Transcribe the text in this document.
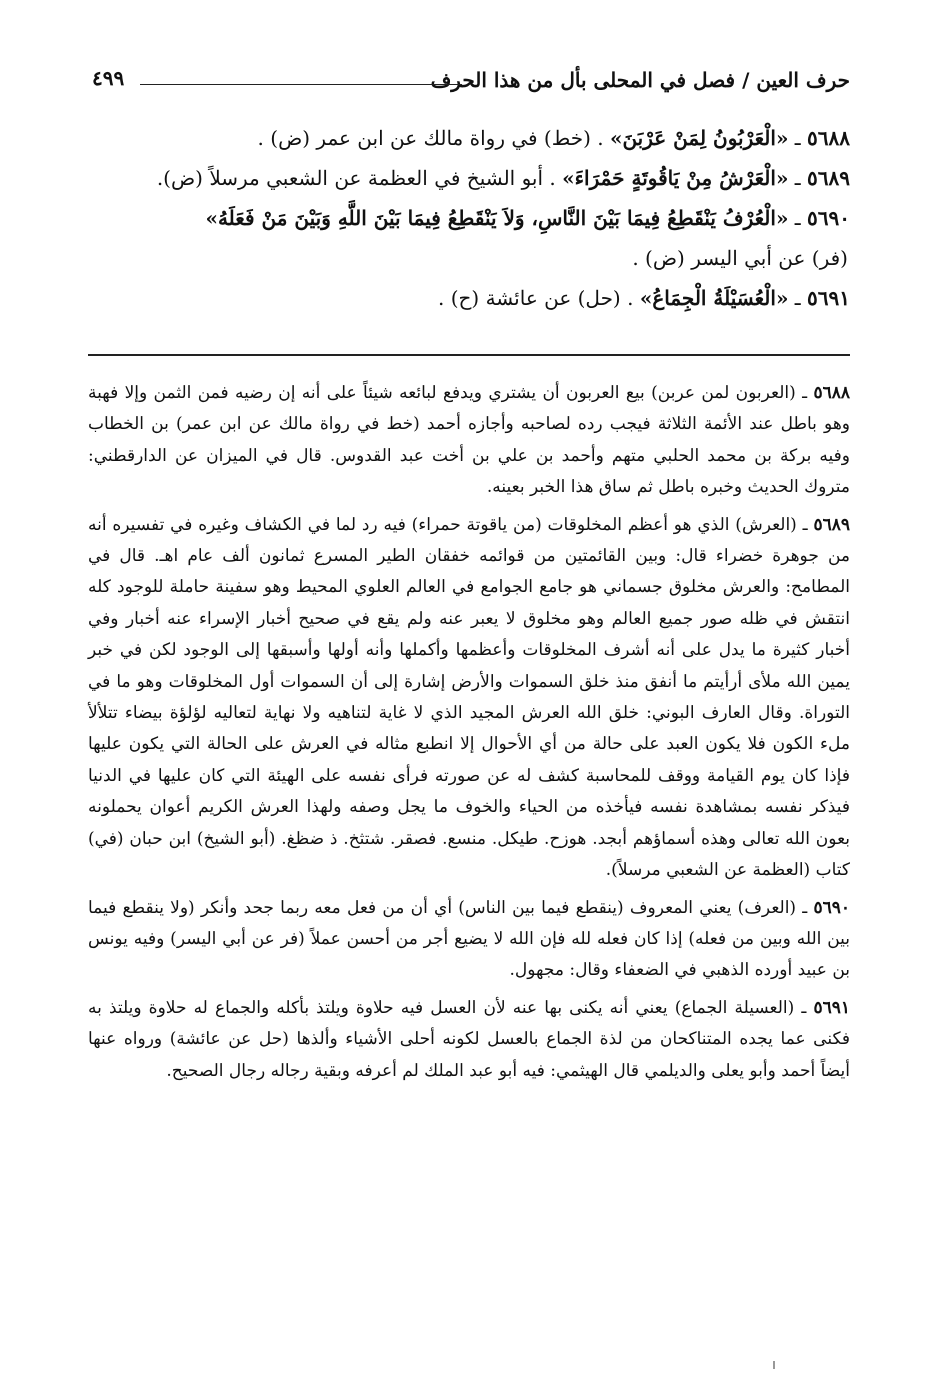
حرف العين / فصل في المحلى بأل من هذا الحرف
٤٩٩

٥٦٨٨ ـ «الْعَرْبُونُ لِمَنْ عَرْبَنَ» . (خط) في رواة مالك عن ابن عمر (ض) .

٥٦٨٩ ـ «الْعَرْشُ مِنْ يَاقُوتَةٍ حَمْرَاءَ» . أبو الشيخ في العظمة عن الشعبي مرسلاً (ض).

٥٦٩٠ ـ «الْعُرْفُ يَنْقَطِعُ فِيمَا بَيْنَ النَّاسِ، وَلاَ يَنْقَطِعُ فِيمَا بَيْنَ اللَّهِ وَبَيْنَ مَنْ فَعَلَهُ»

(فر) عن أبي اليسر (ض) .

٥٦٩١ ـ «الْعُسَيْلَةُ الْجِمَاعُ» . (حل) عن عائشة (ح) .

٥٦٨٨ ـ (العربون لمن عربن) بيع العربون أن يشتري ويدفع لبائعه شيئاً على أنه إن رضيه فمن الثمن وإلا فهبة وهو باطل عند الأئمة الثلاثة فيجب رده لصاحبه وأجازه أحمد (خط في رواة مالك عن ابن عمر) بن الخطاب وفيه بركة بن محمد الحلبي متهم وأحمد بن علي بن أخت عبد القدوس. قال في الميزان عن الدارقطني: متروك الحديث وخبره باطل ثم ساق هذا الخبر بعينه.

٥٦٨٩ ـ (العرش) الذي هو أعظم المخلوقات (من ياقوتة حمراء) فيه رد لما في الكشاف وغيره في تفسيره أنه من جوهرة خضراء قال: وبين القائمتين من قوائمه خفقان الطير المسرع ثمانون ألف عام اهـ. قال في المطامح: والعرش مخلوق جسماني هو جامع الجوامع في العالم العلوي المحيط وهو سفينة حاملة للوجود كله انتقش في ظله صور جميع العالم وهو مخلوق لا يعبر عنه ولم يقع في صحيح أخبار الإسراء عنه أخبار وفي أخبار كثيرة ما يدل على أنه أشرف المخلوقات وأعظمها وأكملها وأنه أولها وأسبقها إلى الوجود لكن في خبر يمين الله ملأى أرأيتم ما أنفق منذ خلق السموات والأرض إشارة إلى أن السموات أول المخلوقات وهو ما في التوراة. وقال العارف البوني: خلق الله العرش المجيد الذي لا غاية لتناهيه ولا نهاية لتعاليه لؤلؤة بيضاء تتلألأ ملء الكون فلا يكون العبد على حالة من أي الأحوال إلا انطبع مثاله في العرش على الحالة التي يكون عليها فإذا كان يوم القيامة ووقف للمحاسبة كشف له عن صورته فرأى نفسه على الهيئة التي كان عليها في الدنيا فيذكر نفسه بمشاهدة نفسه فيأخذه من الحياء والخوف ما يجل وصفه ولهذا العرش الكريم أعوان يحملونه بعون الله تعالى وهذه أسماؤهم أبجد. هوزح. طيكل. منسع. فصقر. شتثخ. ذ ضظغ. (أبو الشيخ) ابن حبان (في) كتاب (العظمة عن الشعبي مرسلاً).

٥٦٩٠ ـ (العرف) يعني المعروف (ينقطع فيما بين الناس) أي أن من فعل معه ربما جحد وأنكر (ولا ينقطع فيما بين الله وبين من فعله) إذا كان فعله لله فإن الله لا يضيع أجر من أحسن عملاً (فر عن أبي اليسر) وفيه يونس بن عبيد أورده الذهبي في الضعفاء وقال: مجهول.

٥٦٩١ ـ (العسيلة الجماع) يعني أنه يكنى بها عنه لأن العسل فيه حلاوة ويلتذ بأكله والجماع له حلاوة ويلتذ به فكنى عما يجده المتناكحان من لذة الجماع بالعسل لكونه أحلى الأشياء وألذها (حل عن عائشة) ورواه عنها أيضاً أحمد وأبو يعلى والديلمي قال الهيثمي: فيه أبو عبد الملك لم أعرفه وبقية رجاله رجال الصحيح.
